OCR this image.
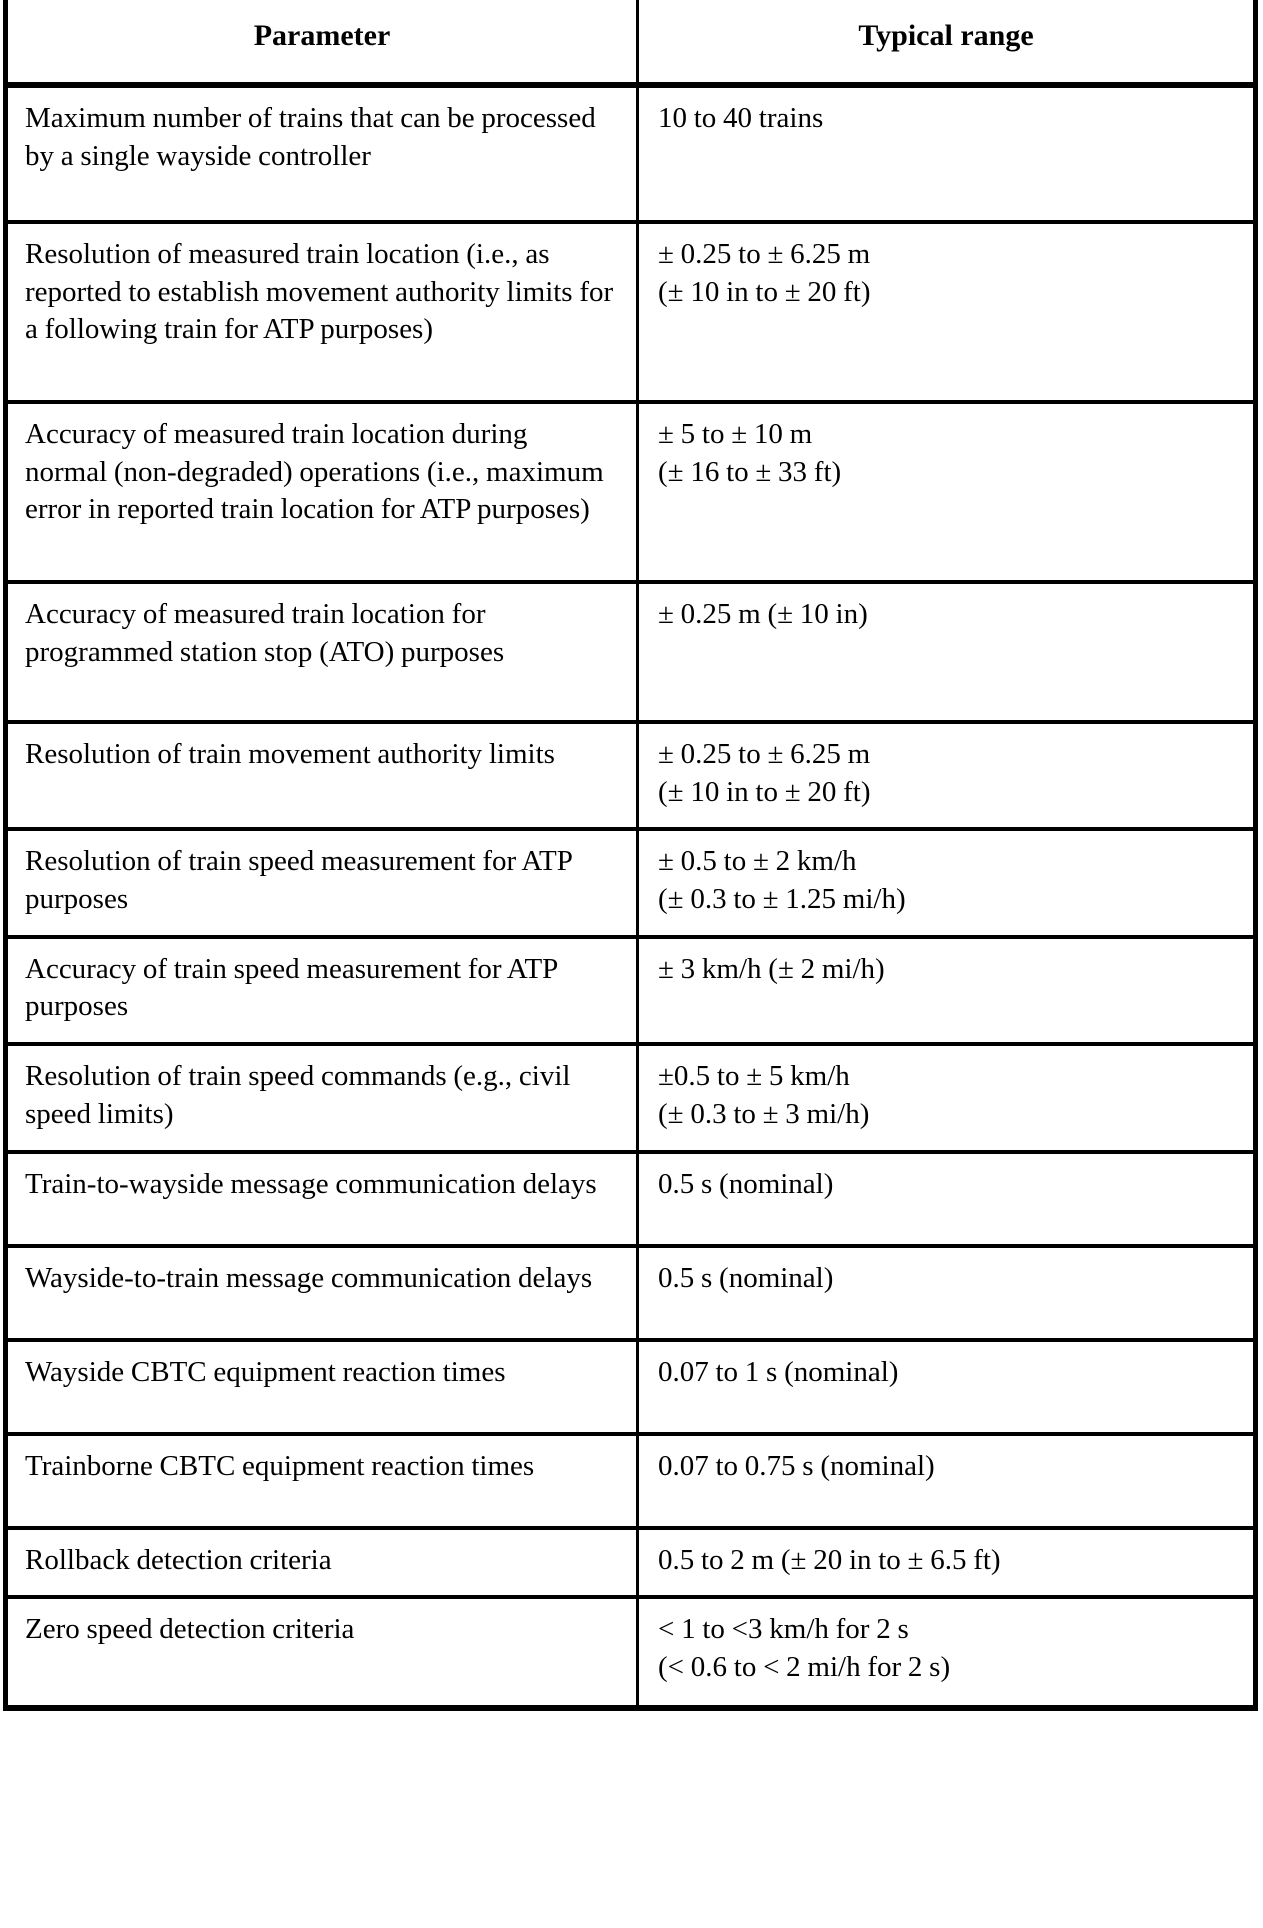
Parameter	Typical range
Maximum number of trains that can be processed by a single wayside controller	10 to 40 trains

Resolution of measured train location (i.e., as reported to establish movement authority limits for a following train for ATP purposes)	± 0.25 to ± 6.25 m
(± 10 in to ± 20 ft)

Accuracy of measured train location during normal (non-degraded) operations (i.e., maximum error in reported train location for ATP purposes)	± 5 to ± 10 m
(± 16 to ± 33 ft)

Accuracy of measured train location for programmed station stop (ATO) purposes	± 0.25 m (± 10 in)

Resolution of train movement authority limits	± 0.25 to ± 6.25 m
(± 10 in to ± 20 ft)

Resolution of train speed measurement for ATP purposes	± 0.5 to ± 2 km/h
(± 0.3 to ± 1.25 mi/h)

Accuracy of train speed measurement for ATP purposes	± 3 km/h (± 2 mi/h)

Resolution of train speed commands (e.g., civil speed limits)	±0.5 to ± 5 km/h
(± 0.3 to ± 3 mi/h)

Train-to-wayside message communication delays	0.5 s (nominal)

Wayside-to-train message communication delays	0.5 s (nominal)

Wayside CBTC equipment reaction times	0.07 to 1 s (nominal)

Trainborne CBTC equipment reaction times	0.07 to 0.75 s (nominal)

Rollback detection criteria	0.5 to 2 m (± 20 in to ± 6.5 ft)

Zero speed detection criteria	< 1 to <3 km/h for 2 s
(< 0.6 to < 2 mi/h for 2 s)
